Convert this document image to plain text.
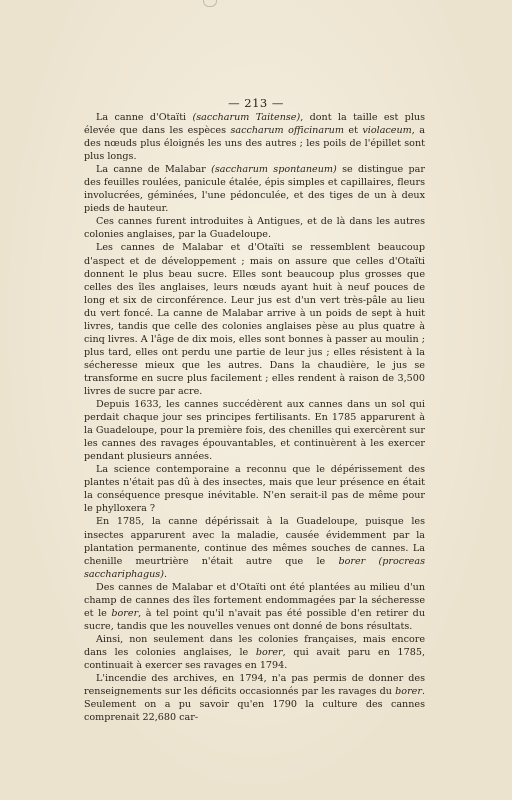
— 213 —

La canne d'Otaïti (saccharum Taitense), dont la taille est plus élevée que dans les espèces saccharum officinarum et violaceum, a des nœuds plus éloignés les uns des autres ; les poils de l'épillet sont plus longs.

La canne de Malabar (saccharum spontaneum) se distingue par des feuilles roulées, panicule étalée, épis simples et capillaires, fleurs involucrées, géminées, l'une pédonculée, et des tiges de un à deux pieds de hauteur.

Ces cannes furent introduites à Antigues, et de là dans les autres colonies anglaises, par la Guadeloupe.

Les cannes de Malabar et d'Otaïti se ressemblent beaucoup d'aspect et de développement ; mais on assure que celles d'Otaïti donnent le plus beau sucre. Elles sont beaucoup plus grosses que celles des îles anglaises, leurs nœuds ayant huit à neuf pouces de long et six de circonférence. Leur jus est d'un vert très-pâle au lieu du vert foncé. La canne de Malabar arrive à un poids de sept à huit livres, tandis que celle des colonies anglaises pèse au plus quatre à cinq livres. A l'âge de dix mois, elles sont bonnes à passer au moulin ; plus tard, elles ont perdu une partie de leur jus ; elles résistent à la sécheresse mieux que les autres. Dans la chaudière, le jus se transforme en sucre plus facilement ; elles rendent à raison de 3,500 livres de sucre par acre.

Depuis 1633, les cannes succédèrent aux cannes dans un sol qui perdait chaque jour ses principes fertilisants. En 1785 apparurent à la Guadeloupe, pour la première fois, des chenilles qui exercèrent sur les cannes des ravages épouvantables, et continuèrent à les exercer pendant plusieurs années.

La science contemporaine a reconnu que le dépérissement des plantes n'était pas dû à des insectes, mais que leur présence en était la conséquence presque inévitable. N'en serait-il pas de même pour le phylloxera ?

En 1785, la canne dépérissait à la Guadeloupe, puisque les insectes apparurent avec la maladie, causée évidemment par la plantation permanente, continue des mêmes souches de cannes. La chenille meurtrière n'était autre que le borer (procreas sacchariphagus).

Des cannes de Malabar et d'Otaïti ont été plantées au milieu d'un champ de cannes des îles fortement endommagées par la sécheresse et le borer, à tel point qu'il n'avait pas été possible d'en retirer du sucre, tandis que les nouvelles venues ont donné de bons résultats.

Ainsi, non seulement dans les colonies françaises, mais encore dans les colonies anglaises, le borer, qui avait paru en 1785, continuait à exercer ses ravages en 1794.

L'incendie des archives, en 1794, n'a pas permis de donner des renseignements sur les déficits occasionnés par les ravages du borer. Seulement on a pu savoir qu'en 1790 la culture des cannes comprenait 22,680 car-
